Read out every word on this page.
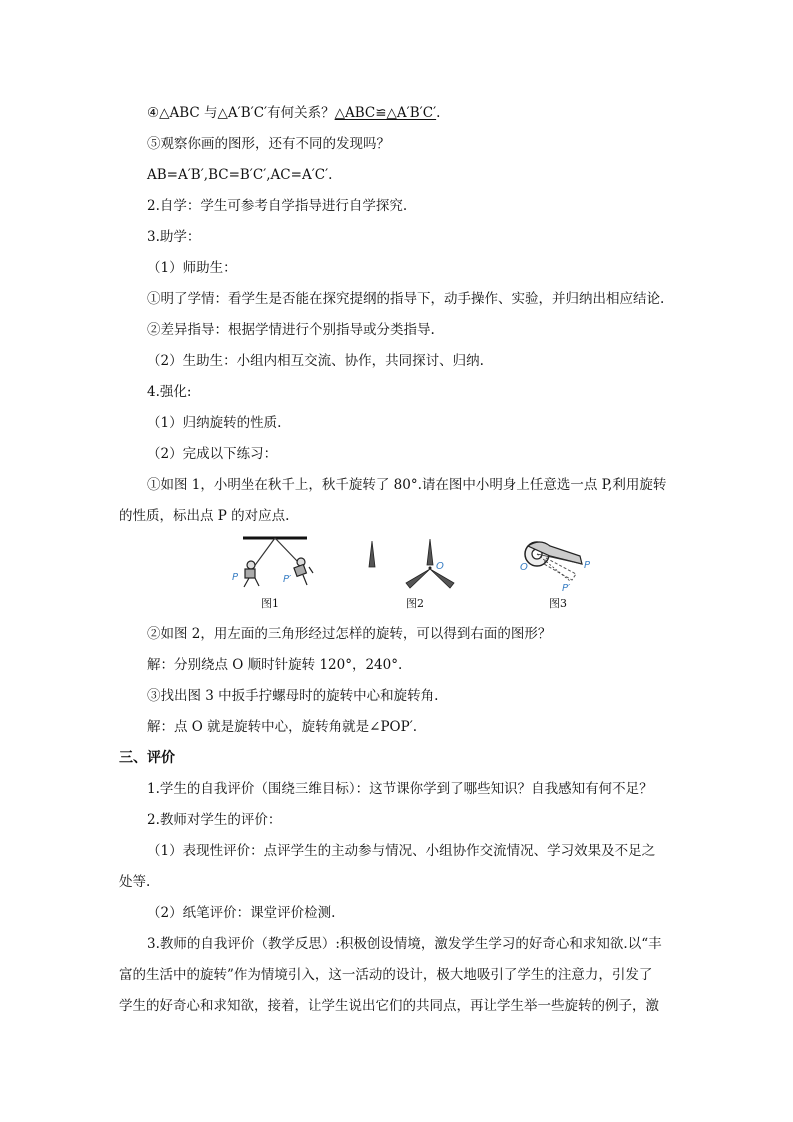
④△ABC 与△A′B′C′有何关系？△ABC≌△A′B′C′.
⑤观察你画的图形，还有不同的发现吗？
AB=A′B′,BC=B′C′,AC=A′C′.
2.自学：学生可参考自学指导进行自学探究.
3.助学：
（1）师助生：
①明了学情：看学生是否能在探究提纲的指导下，动手操作、实验，并归纳出相应结论.
②差异指导：根据学情进行个别指导或分类指导.
（2）生助生：小组内相互交流、协作，共同探讨、归纳.
4.强化:
（1）归纳旋转的性质.
（2）完成以下练习：
①如图 1，小明坐在秋千上，秋千旋转了 80°.请在图中小明身上任意选一点 P,利用旋转
的性质，标出点 P 的对应点.
P	P′
图1
O
图2
O	P
P′
图3
②如图 2，用左面的三角形经过怎样的旋转，可以得到右面的图形？
解：分别绕点 O 顺时针旋转 120°，240°.
③找出图 3 中扳手拧螺母时的旋转中心和旋转角.
解：点 O 就是旋转中心，旋转角就是∠POP′.
三、评价
1.学生的自我评价（围绕三维目标）：这节课你学到了哪些知识？自我感知有何不足？
2.教师对学生的评价：
（1）表现性评价：点评学生的主动参与情况、小组协作交流情况、学习效果及不足之
处等.
（2）纸笔评价：课堂评价检测.
3.教师的自我评价（教学反思）:积极创设情境，激发学生学习的好奇心和求知欲.以“丰
富的生活中的旋转”作为情境引入，这一活动的设计，极大地吸引了学生的注意力，引发了
学生的好奇心和求知欲，接着，让学生说出它们的共同点，再让学生举一些旋转的例子，激
